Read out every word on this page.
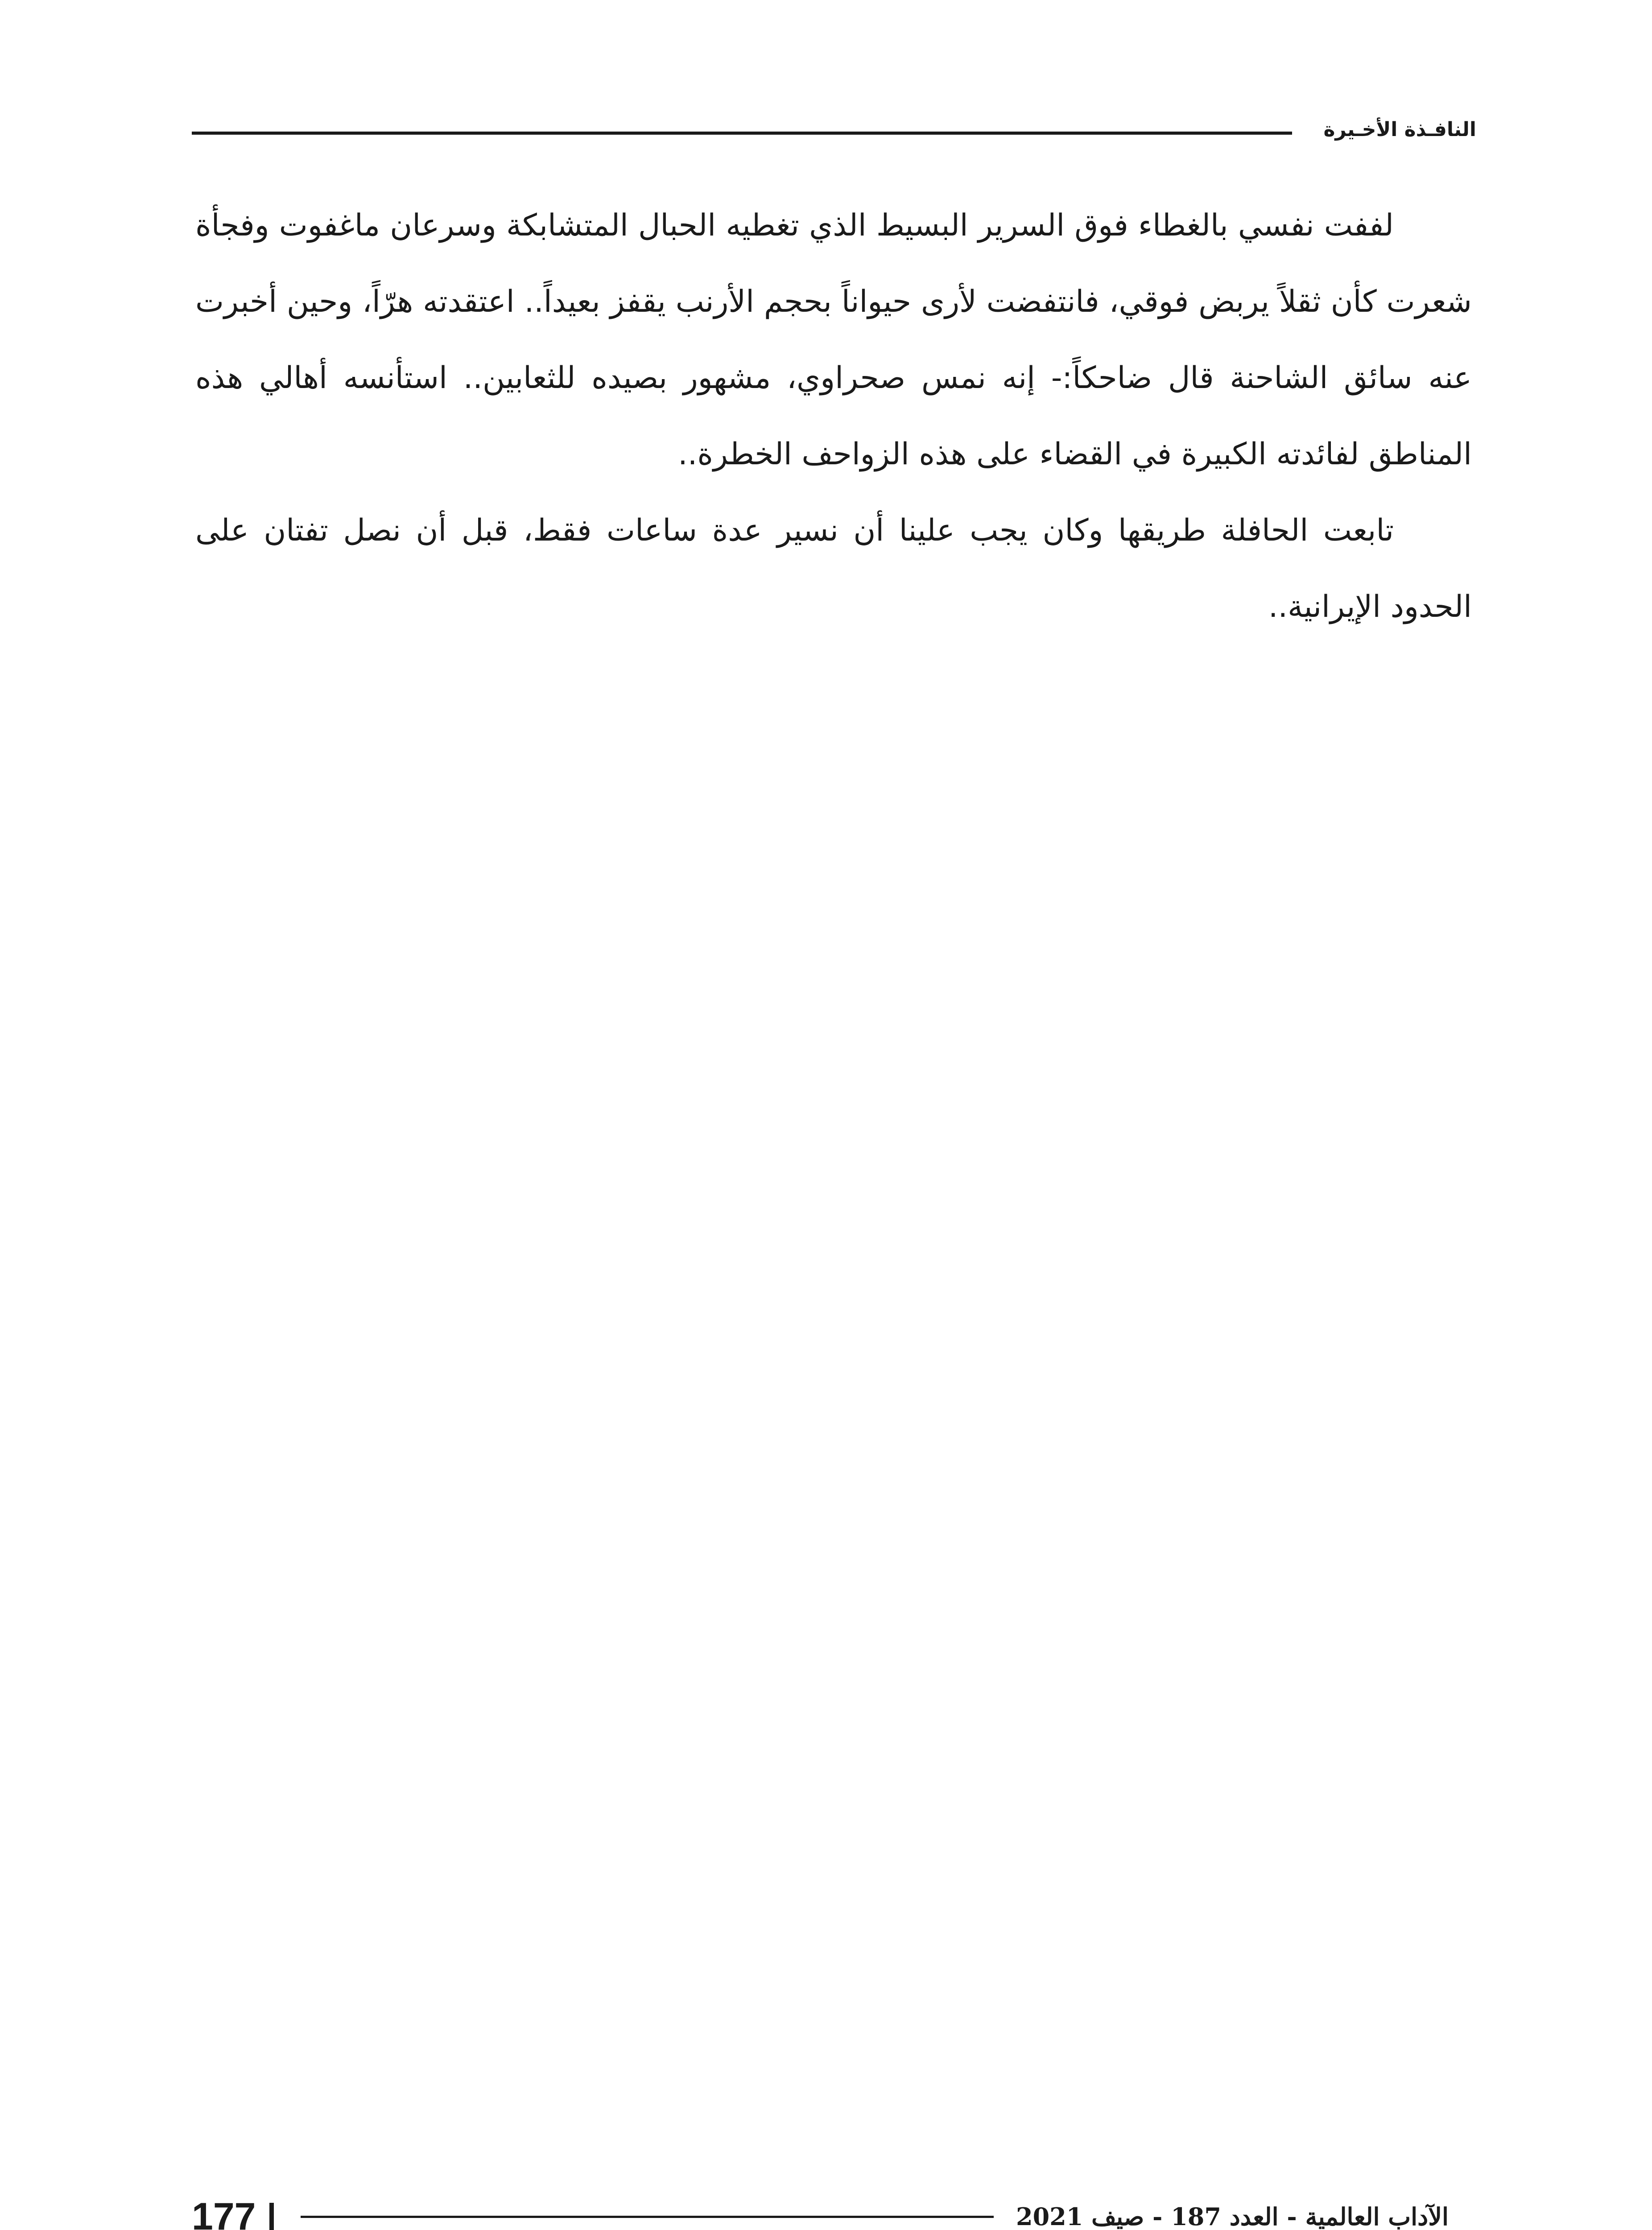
النافـذة الأخـيرة

لففت نفسي بالغطاء فوق السرير البسيط الذي تغطيه الحبال المتشابكة وسرعان ماغفوت وفجأة شعرت كأن ثقلاً يربض فوقي، فانتفضت لأرى حيواناً بحجم الأرنب يقفز بعيداً.. اعتقدته هرّاً، وحين أخبرت عنه سائق الشاحنة قال ضاحكاً:- إنه نمس صحراوي، مشهور بصيده للثعابين.. استأنسه أهالي هذه المناطق لفائدته الكبيرة في القضاء على هذه الزواحف الخطرة..

تابعت الحافلة طريقها وكان يجب علينا أن نسير عدة ساعات فقط، قبل أن نصل تفتان على الحدود الإيرانية..

الآداب العالمية - العدد 187 - صيف 2021
177
